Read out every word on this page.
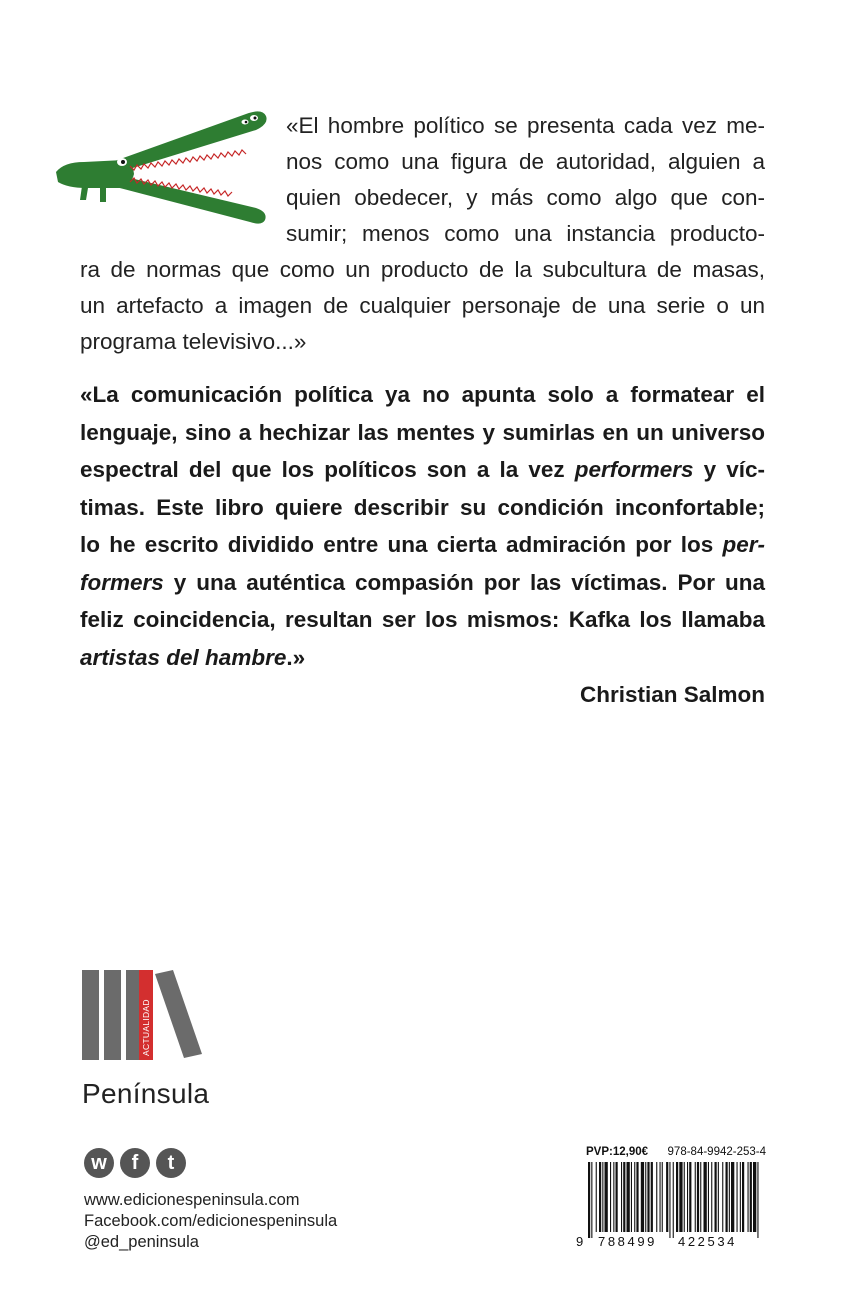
«El hombre político se presenta cada vez me-
nos como una figura de autoridad, alguien a
quien obedecer, y más como algo que con-
sumir; menos como una instancia producto-
ra de normas que como un producto de la subcultura de masas,
un artefacto a imagen de cualquier personaje de una serie o un
programa televisivo...»
«La comunicación política ya no apunta solo a formatear el
lenguaje, sino a hechizar las mentes y sumirlas en un universo
espectral del que los políticos son a la vez performers y víc-
timas. Este libro quiere describir su condición inconfortable;
lo he escrito dividido entre una cierta admiración por los per-
formers y una auténtica compasión por las víctimas. Por una
feliz coincidencia, resultan ser los mismos: Kafka los llamaba
artistas del hambre.»
Christian Salmon
ACTUALIDAD
Península
w	f	t
www.edicionespeninsula.com
Facebook.com/edicionespeninsula
@ed_peninsula
PVP:12,90€ 978-84-9942-253-4
9 788499 422534
